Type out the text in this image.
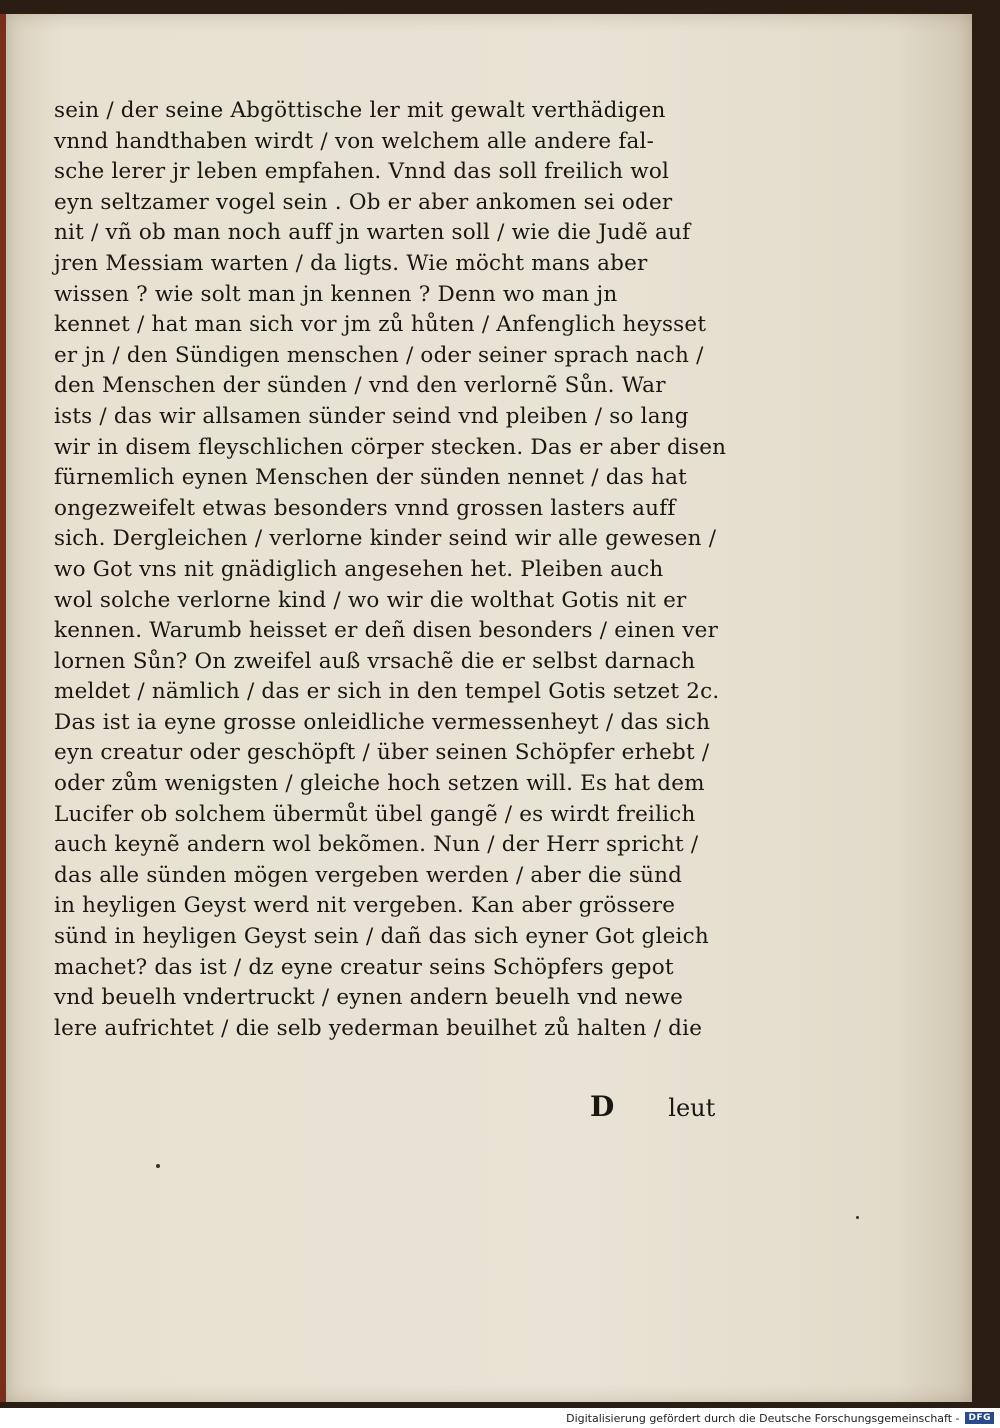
sein / der seine Abgöttische ler mit gewalt verthädigen
vnnd handthaben wirdt / von welchem alle andere fal-
sche lerer jr leben empfahen. Vnnd das soll freilich wol
eyn seltzamer vogel sein . Ob er aber ankomen sei oder
nit / vñ ob man noch auff jn warten soll / wie die Judẽ auf
jren Messiam warten / da ligts. Wie möcht mans aber
wissen ? wie solt man jn kennen ? Denn wo man jn
kennet / hat man sich vor jm zů hůten / Anfenglich heysset
er jn / den Sündigen menschen / oder seiner sprach nach /
den Menschen der sünden / vnd den verlornẽ Sůn. War
ists / das wir allsamen sünder seind vnd pleiben / so lang
wir in disem fleyschlichen cörper stecken. Das er aber disen
fürnemlich eynen Menschen der sünden nennet / das hat
ongezweifelt etwas besonders vnnd grossen lasters auff
sich. Dergleichen / verlorne kinder seind wir alle gewesen /
wo Got vns nit gnädiglich angesehen het. Pleiben auch
wol solche verlorne kind / wo wir die wolthat Gotis nit er
kennen. Warumb heisset er deñ disen besonders / einen ver
lornen Sůn? On zweifel auß vrsachẽ die er selbst darnach
meldet / nämlich / das er sich in den tempel Gotis setzet 2c.
Das ist ia eyne grosse onleidliche vermessenheyt / das sich
eyn creatur oder geschöpft / über seinen Schöpfer erhebt /
oder zům wenigsten / gleiche hoch setzen will. Es hat dem
Lucifer ob solchem übermůt übel gangẽ / es wirdt freilich
auch keynẽ andern wol bekõmen. Nun / der Herr spricht /
das alle sünden mögen vergeben werden / aber die sünd
in heyligen Geyst werd nit vergeben. Kan aber grössere
sünd in heyligen Geyst sein / dañ das sich eyner Got gleich
machet? das ist / dz eyne creatur seins Schöpfers gepot
vnd beuelh vndertruckt / eynen andern beuelh vnd newe
lere aufrichtet / die selb yederman beuilhet zů halten / die
D leut
Digitalisierung gefördert durch die Deutsche Forschungsgemeinschaft -	DFG
